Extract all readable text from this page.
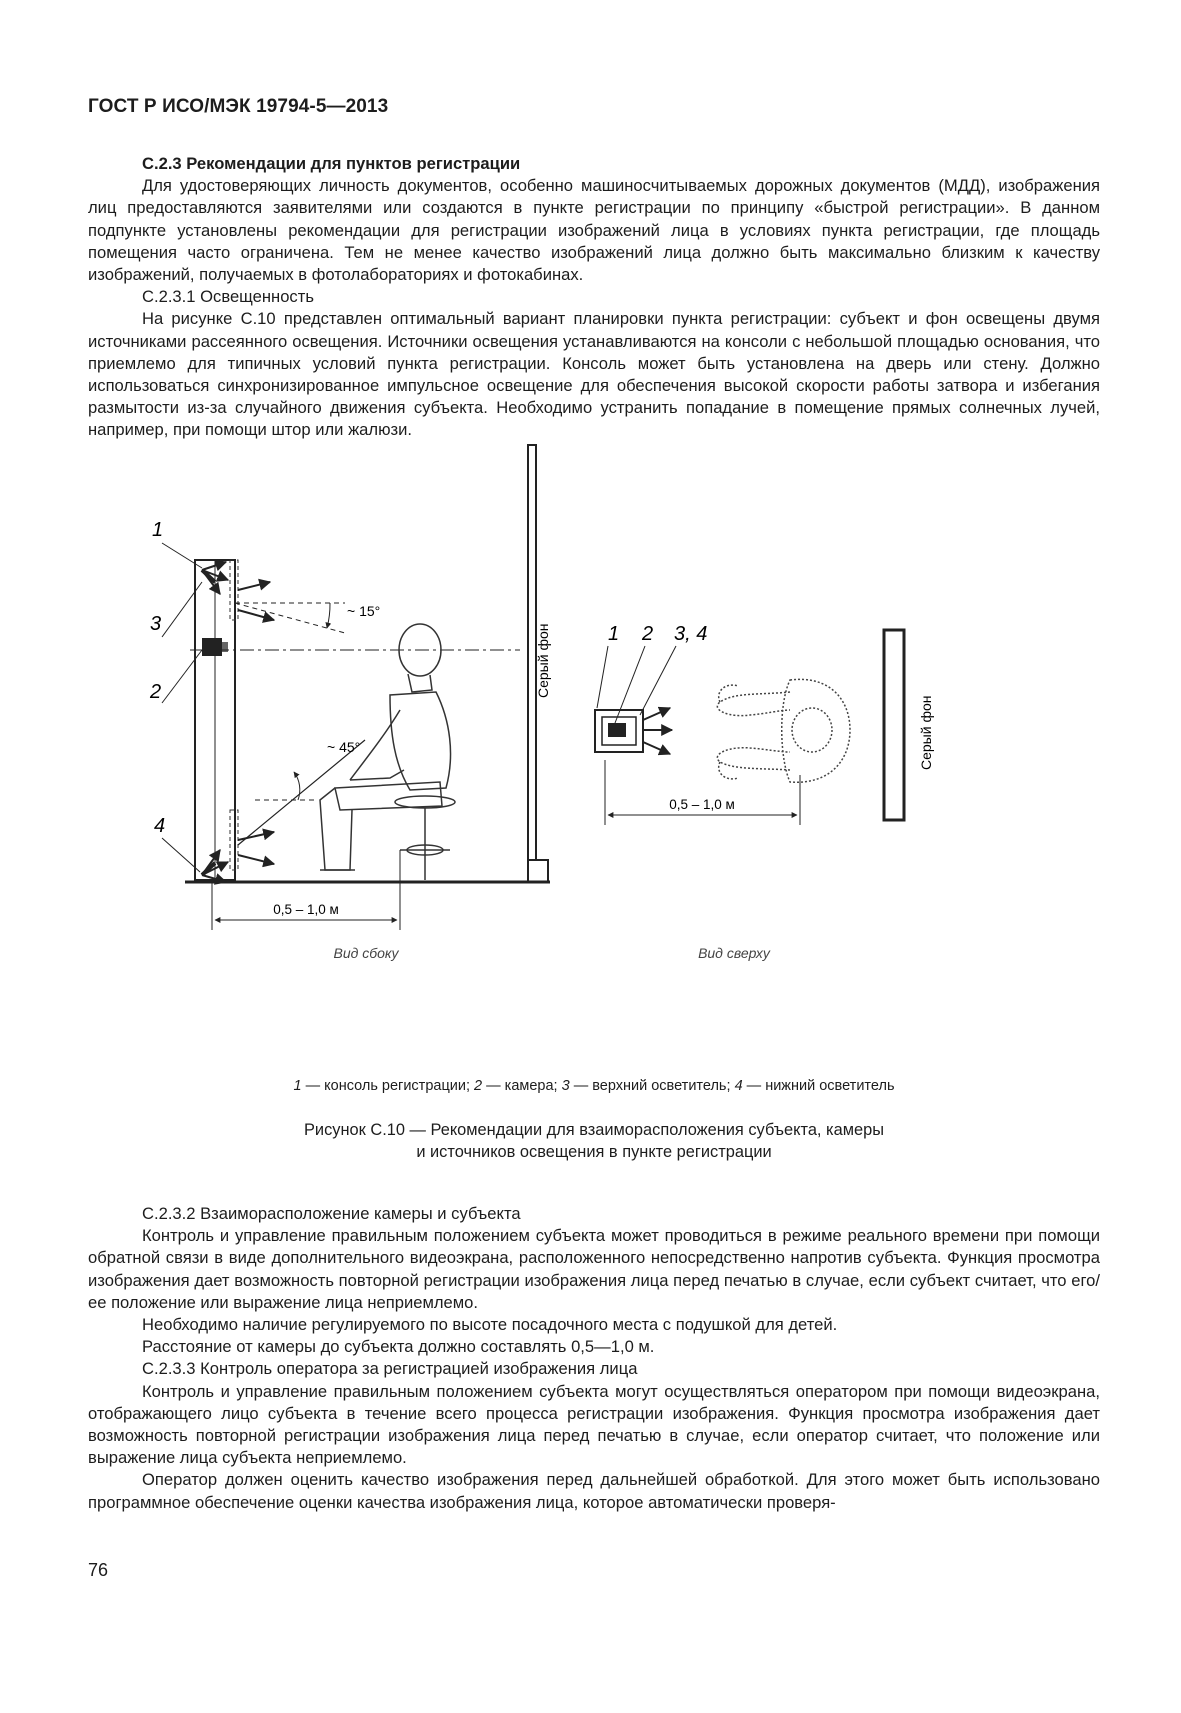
ГОСТ Р ИСО/МЭК 19794-5—2013

С.2.3 Рекомендации для пунктов регистрации

Для удостоверяющих личность документов, особенно машиносчитываемых дорожных документов (МДД), изображения лиц предоставляются заявителями или создаются в пункте регистрации по принципу «быстрой регистрации». В данном подпункте установлены рекомендации для регистрации изображений лица в условиях пункта регистрации, где площадь помещения часто ограничена. Тем не менее качество изображений лица должно быть максимально близким к качеству изображений, получаемых в фотолабораториях и фотокабинах.

С.2.3.1 Освещенность

На рисунке С.10 представлен оптимальный вариант планировки пункта регистрации: субъект и фон освещены двумя источниками рассеянного освещения. Источники освещения устанавливаются на консоли с небольшой площадью основания, что приемлемо для типичных условий пункта регистрации. Консоль может быть установлена на дверь или стену. Должно использоваться синхронизированное импульсное освещение для обеспечения высокой скорости работы затвора и избегания размытости из-за случайного движения субъекта. Необходимо устранить попадание в помещение прямых солнечных лучей, например, при помощи штор или жалюзи.

~ 15°
~ 45°
Серый фон
1
3
2
4
0,5 – 1,0 м
Вид сбоку
1 2 3, 4
0,5 – 1,0 м
Серый фон
Вид сверху
1 — консоль регистрации; 2 — камера; 3 — верхний осветитель; 4 — нижний осветитель
Рисунок С.10 — Рекомендации для взаиморасположения субъекта, камеры
и источников освещения в пункте регистрации

С.2.3.2 Взаиморасположение камеры и субъекта

Контроль и управление правильным положением субъекта может проводиться в режиме реального времени при помощи обратной связи в виде дополнительного видеоэкрана, расположенного непосредственно напротив субъекта. Функция просмотра изображения дает возможность повторной регистрации изображения лица перед печатью в случае, если субъект считает, что его/ее положение или выражение лица неприемлемо.

Необходимо наличие регулируемого по высоте посадочного места с подушкой для детей.

Расстояние от камеры до субъекта должно составлять 0,5—1,0 м.

С.2.3.3 Контроль оператора за регистрацией изображения лица

Контроль и управление правильным положением субъекта могут осуществляться оператором при помощи видеоэкрана, отображающего лицо субъекта в течение всего процесса регистрации изображения. Функция просмотра изображения дает возможность повторной регистрации изображения лица перед печатью в случае, если оператор считает, что положение или выражение лица субъекта неприемлемо.

Оператор должен оценить качество изображения перед дальнейшей обработкой. Для этого может быть использовано программное обеспечение оценки качества изображения лица, которое автоматически проверя-

76
